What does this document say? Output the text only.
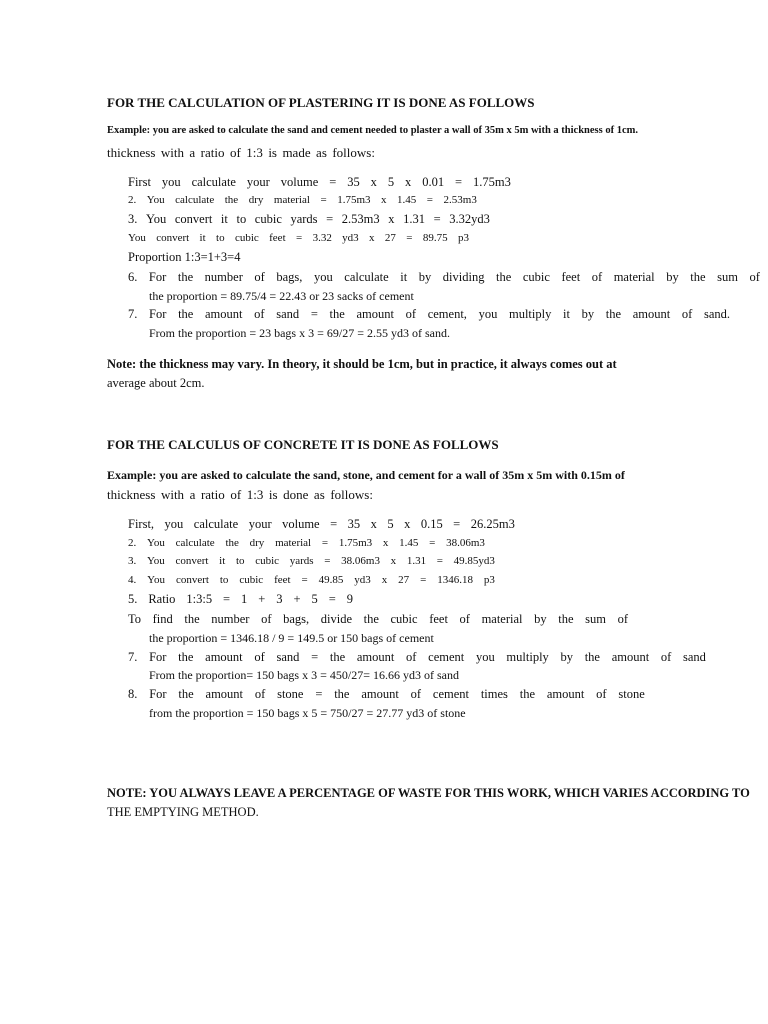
FOR THE CALCULATION OF PLASTERING IT IS DONE AS FOLLOWS
Example: you are asked to calculate the sand and cement needed to plaster a wall of 35m x 5m with a thickness of 1cm.
thickness with a ratio of 1:3 is made as follows:
First you calculate your volume = 35 x 5 x 0.01 = 1.75m3
2. You calculate the dry material = 1.75m3 x 1.45 = 2.53m3
3. You convert it to cubic yards = 2.53m3 x 1.31 = 3.32yd3
You convert it to cubic feet = 3.32 yd3 x 27 = 89.75 p3
Proportion 1:3=1+3=4
6. For the number of bags, you calculate it by dividing the cubic feet of material by the sum of
the proportion = 89.75/4 = 22.43 or 23 sacks of cement
7. For the amount of sand = the amount of cement, you multiply it by the amount of sand.
From the proportion = 23 bags x 3 = 69/27 = 2.55 yd3 of sand.
Note: the thickness may vary. In theory, it should be 1cm, but in practice, it always comes out at
average about 2cm.
FOR THE CALCULUS OF CONCRETE IT IS DONE AS FOLLOWS
Example: you are asked to calculate the sand, stone, and cement for a wall of 35m x 5m with 0.15m of
thickness with a ratio of 1:3 is done as follows:
First, you calculate your volume = 35 x 5 x 0.15 = 26.25m3
2. You calculate the dry material = 1.75m3 x 1.45 = 38.06m3
3. You convert it to cubic yards = 38.06m3 x 1.31 = 49.85yd3
4. You convert to cubic feet = 49.85 yd3 x 27 = 1346.18 p3
5. Ratio 1:3:5 = 1 + 3 + 5 = 9
To find the number of bags, divide the cubic feet of material by the sum of
the proportion = 1346.18 / 9 = 149.5 or 150 bags of cement
7. For the amount of sand = the amount of cement you multiply by the amount of sand
From the proportion= 150 bags x 3 = 450/27= 16.66 yd3 of sand
8. For the amount of stone = the amount of cement times the amount of stone
from the proportion = 150 bags x 5 = 750/27 = 27.77 yd3 of stone
NOTE: YOU ALWAYS LEAVE A PERCENTAGE OF WASTE FOR THIS WORK, WHICH VARIES ACCORDING TO
THE EMPTYING METHOD.
